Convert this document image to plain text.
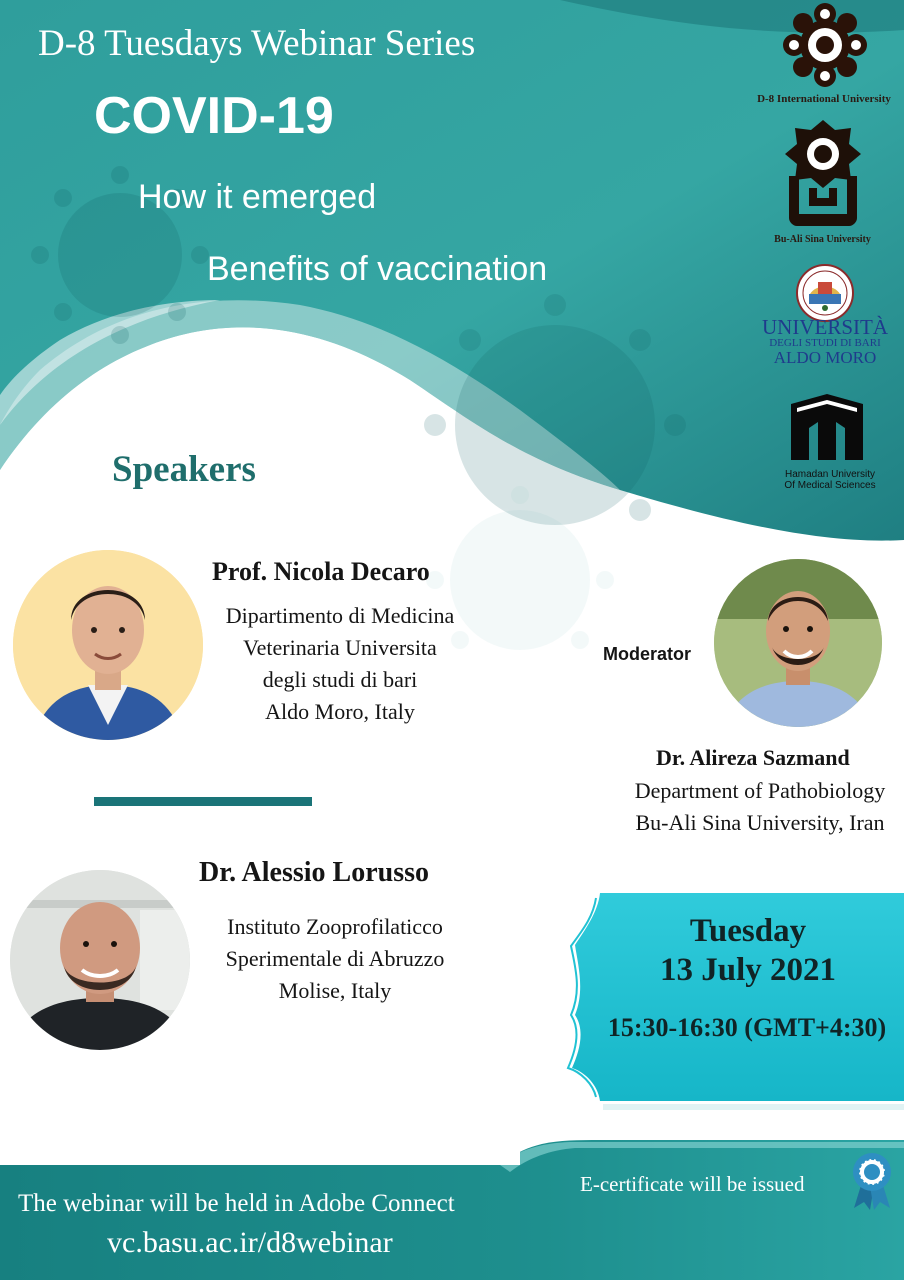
D-8 Tuesdays Webinar Series
COVID-19
How it emerged
Benefits of vaccination
D-8 International University
Bu-Ali Sina University
UNIVERSITÀ
DEGLI STUDI DI BARI
ALDO MORO
Hamadan University
Of Medical Sciences
Speakers
Prof. Nicola Decaro
Dipartimento di Medicina
Veterinaria Universita
degli studi di bari
Aldo Moro, Italy
Moderator
Dr. Alireza Sazmand
Department of Pathobiology
Bu-Ali Sina University, Iran
Dr. Alessio Lorusso
Instituto Zooprofilaticco
Sperimentale di Abruzzo
Molise, Italy
Tuesday
13 July 2021
15:30-16:30 (GMT+4:30)
E-certificate will be issued
The webinar will be held in Adobe Connect
vc.basu.ac.ir/d8webinar
